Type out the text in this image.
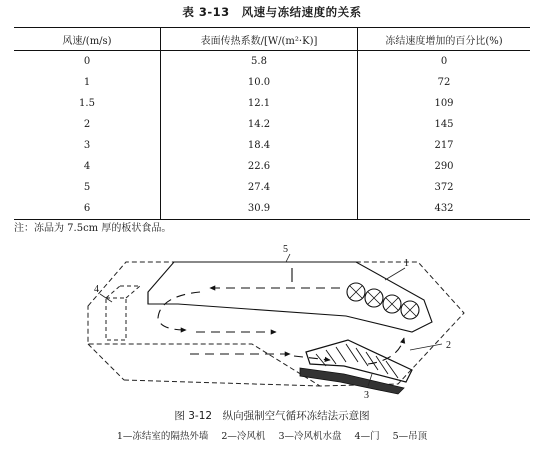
表 3-13　风速与冻结速度的关系
风速/(m/s)	表面传热系数/[W/(m²·K)]	冻结速度增加的百分比(%)
0	5.8	0
1	10.0	72
1.5	12.1	109
2	14.2	145
3	18.4	217
4	22.6	290
5	27.4	372
6	30.9	432
注：冻品为 7.5cm 厚的板状食品。
1
2
3
4
5
图 3-12　纵向强制空气循环冻结法示意图
1—冻结室的隔热外墙 2—冷风机 3—冷风机水盘 4—门 5—吊顶
